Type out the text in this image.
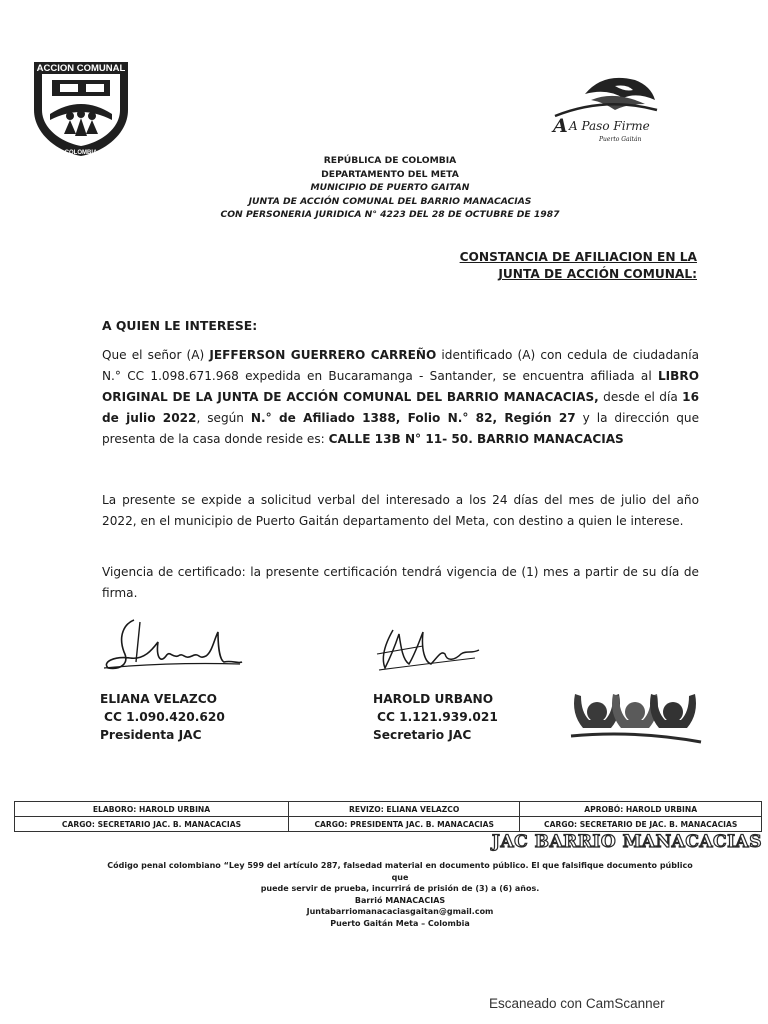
ACCION COMUNAL
COLOMBIA
A A Paso Firme
Puerto Gaitán
REPÚBLICA DE COLOMBIA
DEPARTAMENTO DEL META
MUNICIPIO DE PUERTO GAITAN
JUNTA DE ACCIÓN COMUNAL DEL BARRIO MANACACIAS
CON PERSONERIA JURIDICA N° 4223 DEL 28 DE OCTUBRE DE 1987
CONSTANCIA DE AFILIACION EN LA
JUNTA DE ACCIÓN COMUNAL:
A QUIEN LE INTERESE:
Que el señor (A) JEFFERSON GUERRERO CARREÑO identificado (A) con cedula de ciudadanía N.° CC 1.098.671.968 expedida en Bucaramanga - Santander, se encuentra afiliada al LIBRO ORIGINAL DE LA JUNTA DE ACCIÓN COMUNAL DEL BARRIO MANACACIAS, desde el día 16 de julio 2022, según N.° de Afiliado 1388, Folio N.° 82, Región 27 y la dirección que presenta de la casa donde reside es: CALLE 13B N° 11- 50. BARRIO MANACACIAS
La presente se expide a solicitud verbal del interesado a los 24 días del mes de julio del año 2022, en el municipio de Puerto Gaitán departamento del Meta, con destino a quien le interese.
Vigencia de certificado: la presente certificación tendrá vigencia de (1) mes a partir de su día de firma.
ELIANA VELAZCO
CC 1.090.420.620
Presidenta JAC
HAROLD URBANO
CC 1.121.939.021
Secretario JAC
ELABORO: HAROLD URBINA	REVIZO: ELIANA VELAZCO	APROBÓ: HAROLD URBINA
CARGO: SECRETARIO JAC. B. MANACACIAS	CARGO: PRESIDENTA JAC. B. MANACACIAS	CARGO: SECRETARIO DE JAC. B. MANACACIAS
JAC BARRIO MANACACIAS
Código penal colombiano “Ley 599 del artículo 287, falsedad material en documento público. El que falsifique documento público que
puede servir de prueba, incurrirá de prisión de (3) a (6) años.
Barrió MANACACIAS
Juntabarriomanacaciasgaitan@gmail.com
Puerto Gaitán Meta – Colombia
Escaneado con CamScanner
